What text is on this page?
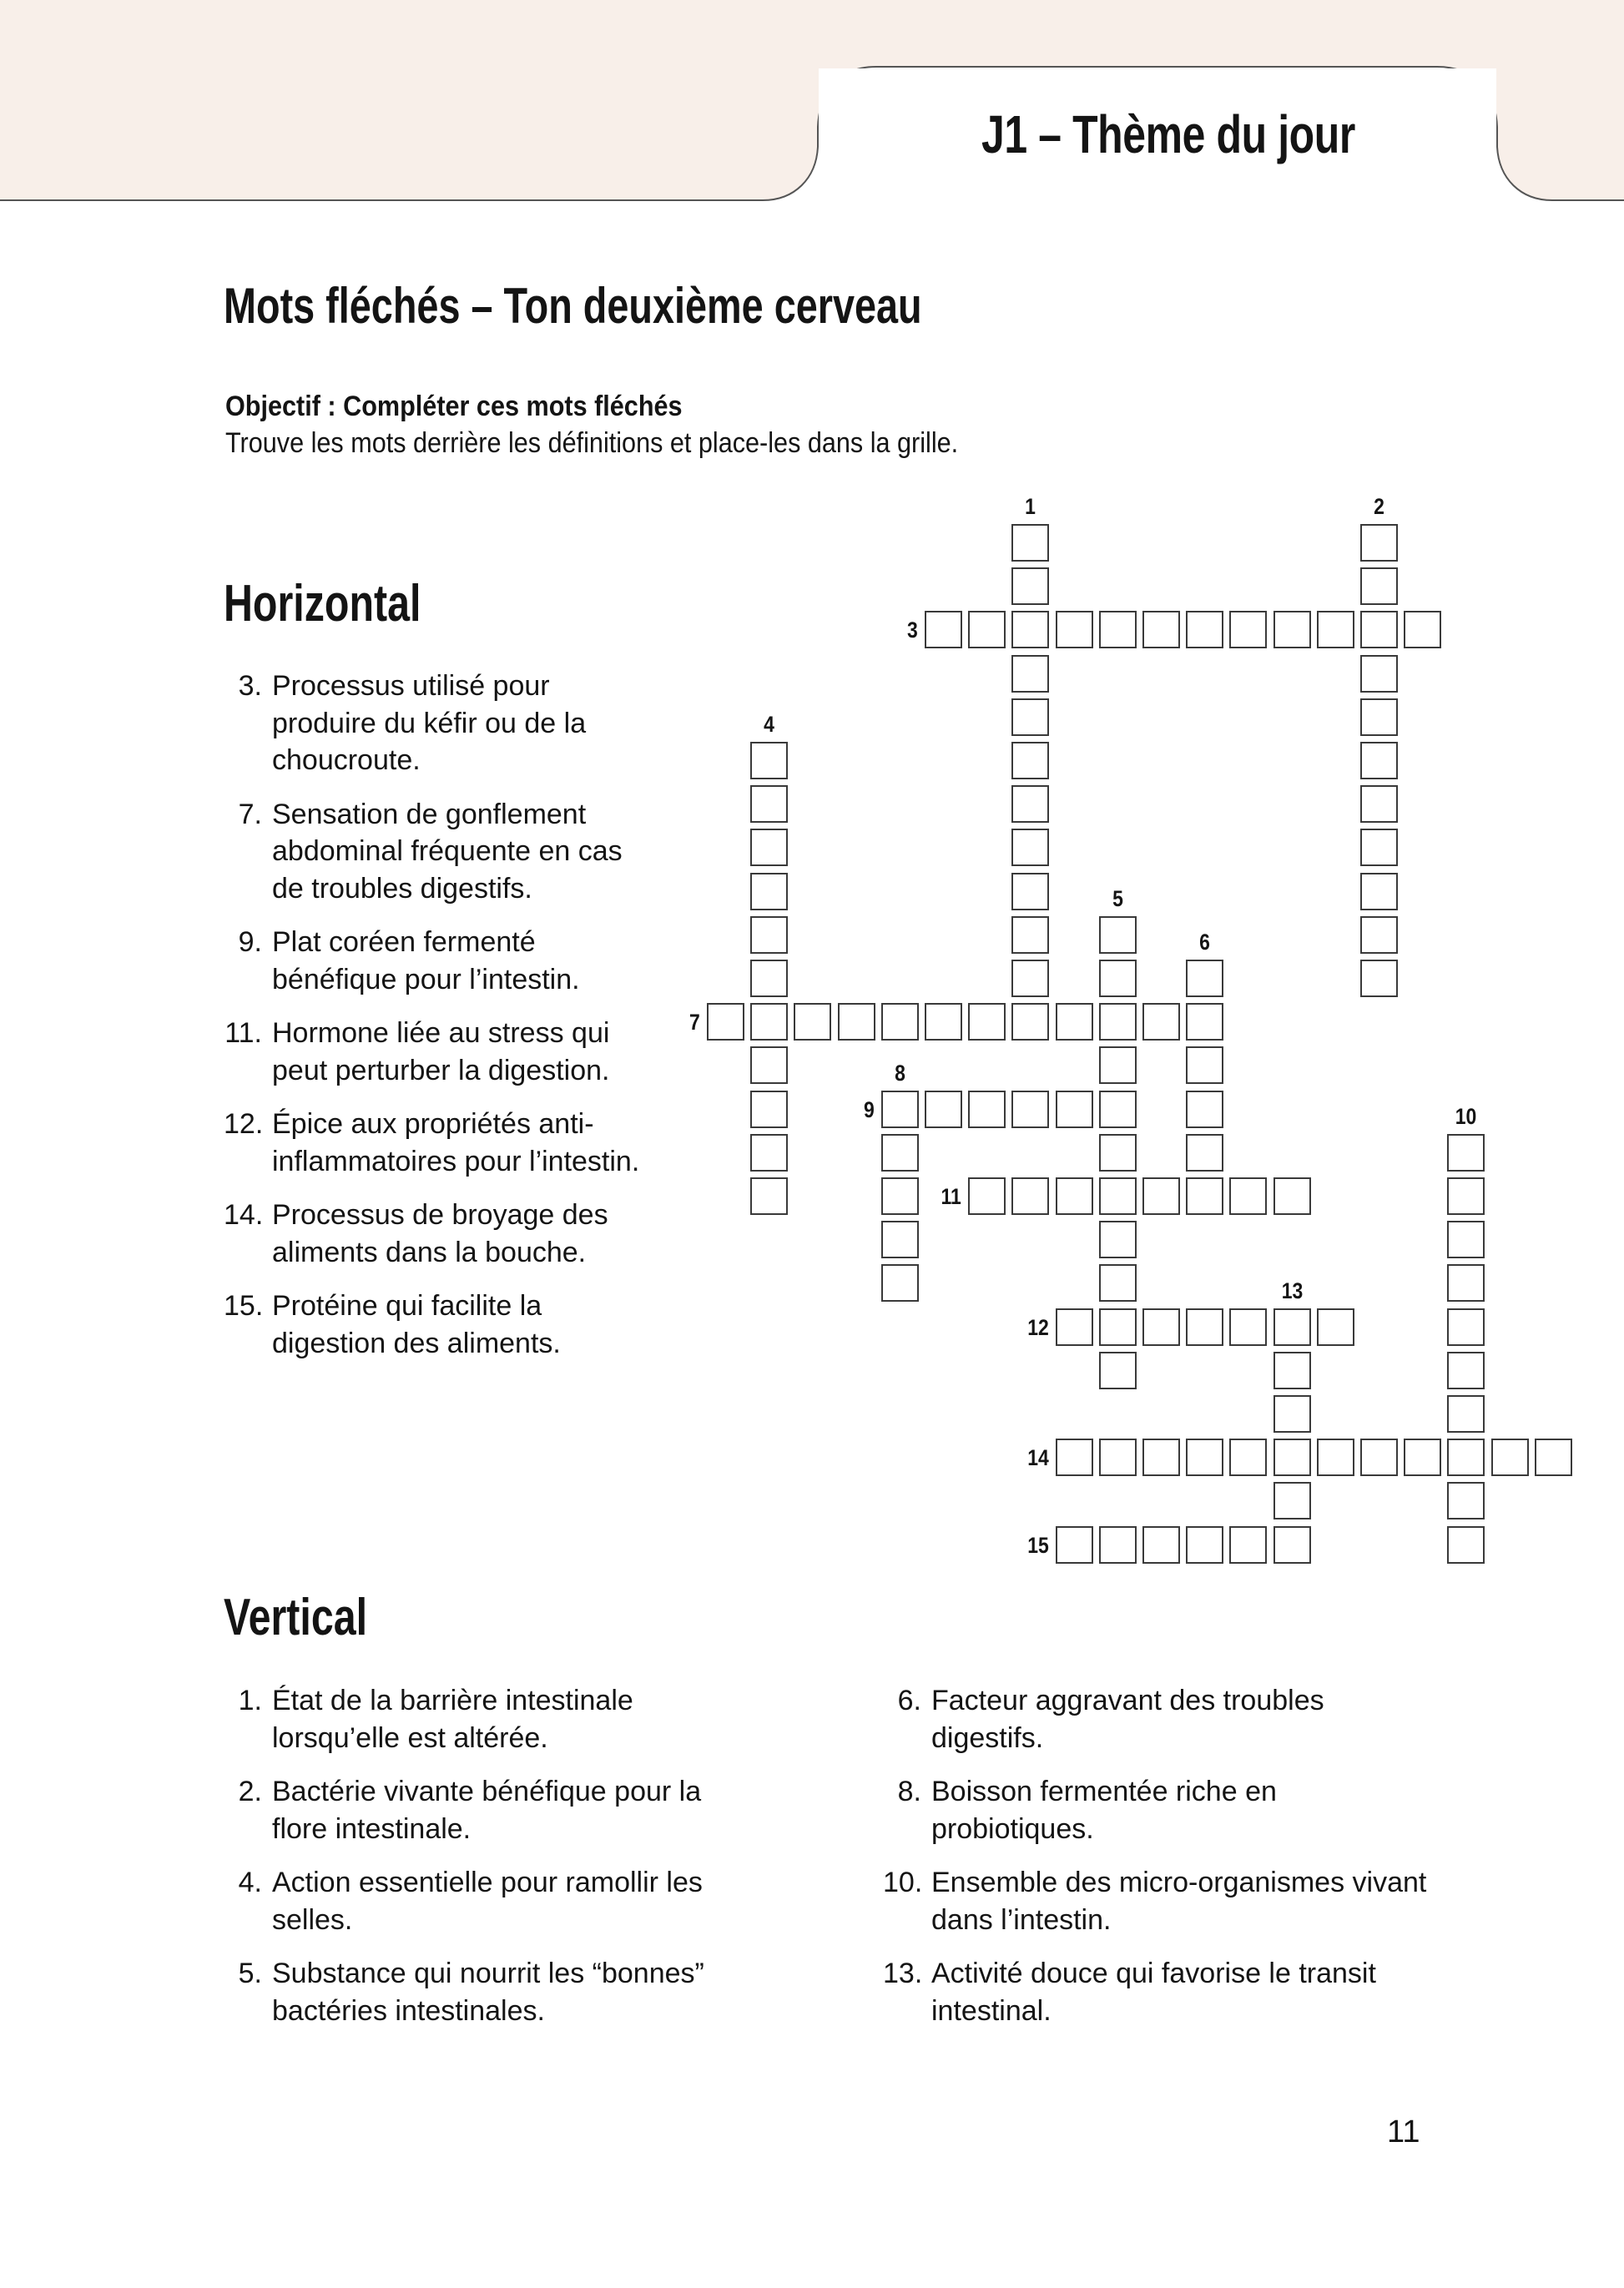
J1 – Thème du jour
Mots fléchés – Ton deuxième cerveau
Objectif : Compléter ces mots fléchés
Trouve les mots derrière les définitions et place-les dans la grille.
Horizontal
3. Processus utilisé pour produire du kéfir ou de la choucroute.
7. Sensation de gonflement abdominal fréquente en cas de troubles digestifs.
9. Plat coréen fermenté bénéfique pour l’intestin.
11. Hormone liée au stress qui peut perturber la digestion.
12. Épice aux propriétés anti-inflammatoires pour l’intestin.
14. Processus de broyage des aliments dans la bouche.
15. Protéine qui facilite la digestion des aliments.
Vertical
1. État de la barrière intestinale lorsqu’elle est altérée.
2. Bactérie vivante bénéfique pour la flore intestinale.
4. Action essentielle pour ramollir les selles.
5. Substance qui nourrit les “bonnes” bactéries intestinales.
6. Facteur aggravant des troubles digestifs.
8. Boisson fermentée riche en probiotiques.
10. Ensemble des micro-organismes vivant dans l’intestin.
13. Activité douce qui favorise le transit intestinal.
1	2
3
4
5
6
7
8
9	10
11
12
13
14
15
11
